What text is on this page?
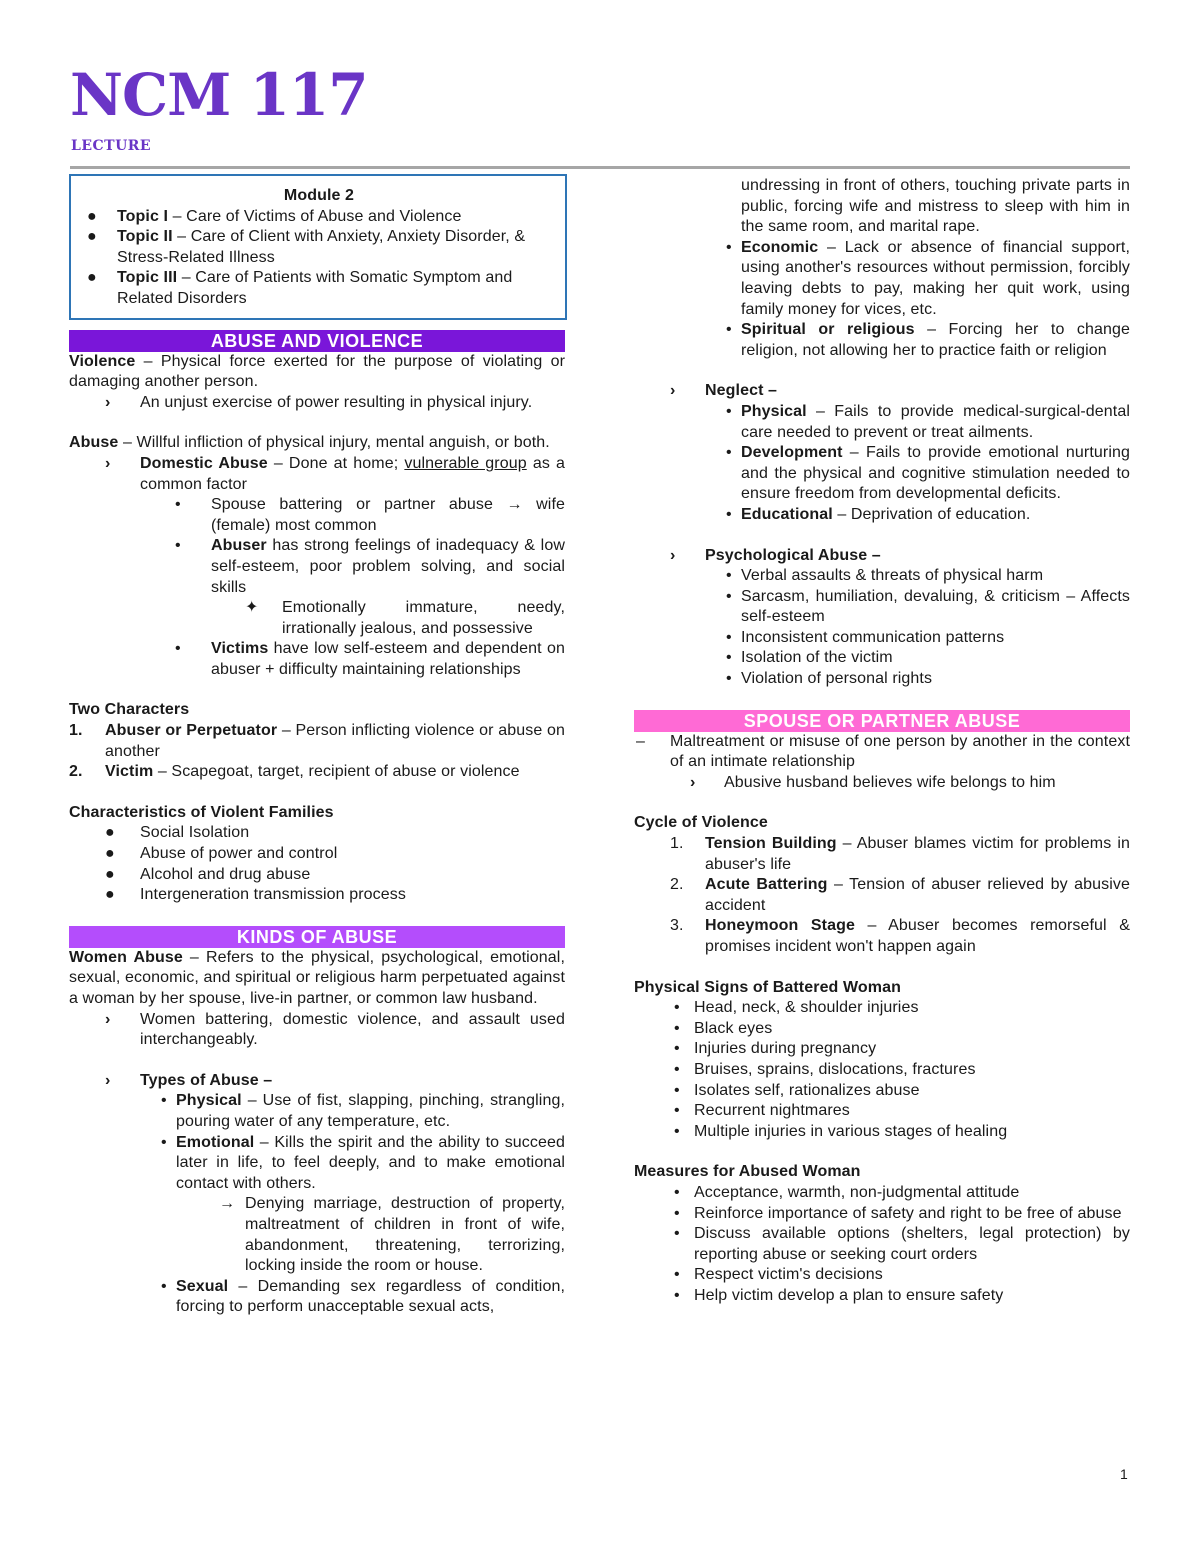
NCM 117
LECTURE
Module 2
● Topic I – Care of Victims of Abuse and Violence
● Topic II – Care of Client with Anxiety, Anxiety Disorder, & Stress-Related Illness
● Topic III – Care of Patients with Somatic Symptom and Related Disorders
ABUSE AND VIOLENCE

Violence – Physical force exerted for the purpose of violating or damaging another person.

› An unjust exercise of power resulting in physical injury.

Abuse – Willful infliction of physical injury, mental anguish, or both.

› Domestic Abuse – Done at home; vulnerable group as a common factor
• Spouse battering or partner abuse → wife (female) most common
• Abuser has strong feelings of inadequacy & low self-esteem, poor problem solving, and social skills
✦ Emotionally immature, needy, irrationally jealous, and possessive
• Victims have low self-esteem and dependent on abuser + difficulty maintaining relationships

Two Characters

1. Abuser or Perpetuator – Person inflicting violence or abuse on another
2. Victim – Scapegoat, target, recipient of abuse or violence

Characteristics of Violent Families

● Social Isolation
● Abuse of power and control
● Alcohol and drug abuse
● Intergeneration transmission process
KINDS OF ABUSE

Women Abuse – Refers to the physical, psychological, emotional, sexual, economic, and spiritual or religious harm perpetuated against a woman by her spouse, live-in partner, or common law husband.

› Women battering, domestic violence, and assault used interchangeably.
› Types of Abuse –
• Physical – Use of fist, slapping, pinching, strangling, pouring water of any temperature, etc.
• Emotional – Kills the spirit and the ability to succeed later in life, to feel deeply, and to make emotional contact with others.
→ Denying marriage, destruction of property, maltreatment of children in front of wife, abandonment, threatening, terrorizing, locking inside the room or house.
• Sexual – Demanding sex regardless of condition, forcing to perform unacceptable sexual acts,
undressing in front of others, touching private parts in public, forcing wife and mistress to sleep with him in the same room, and marital rape.
• Economic – Lack or absence of financial support, using another's resources without permission, forcibly leaving debts to pay, making her quit work, using family money for vices, etc.
• Spiritual or religious – Forcing her to change religion, not allowing her to practice faith or religion
› Neglect –
• Physical – Fails to provide medical-surgical-dental care needed to prevent or treat ailments.
• Development – Fails to provide emotional nurturing and the physical and cognitive stimulation needed to ensure freedom from developmental deficits.
• Educational – Deprivation of education.
› Psychological Abuse –
• Verbal assaults & threats of physical harm
• Sarcasm, humiliation, devaluing, & criticism – Affects self-esteem
• Inconsistent communication patterns
• Isolation of the victim
• Violation of personal rights
SPOUSE OR PARTNER ABUSE
– Maltreatment or misuse of one person by another in the context of an intimate relationship
› Abusive husband believes wife belongs to him

Cycle of Violence

1. Tension Building – Abuser blames victim for problems in abuser's life
2. Acute Battering – Tension of abuser relieved by abusive accident
3. Honeymoon Stage – Abuser becomes remorseful & promises incident won't happen again

Physical Signs of Battered Woman

• Head, neck, & shoulder injuries
• Black eyes
• Injuries during pregnancy
• Bruises, sprains, dislocations, fractures
• Isolates self, rationalizes abuse
• Recurrent nightmares
• Multiple injuries in various stages of healing

Measures for Abused Woman

• Acceptance, warmth, non-judgmental attitude
• Reinforce importance of safety and right to be free of abuse
• Discuss available options (shelters, legal protection) by reporting abuse or seeking court orders
• Respect victim's decisions
• Help victim develop a plan to ensure safety
1
